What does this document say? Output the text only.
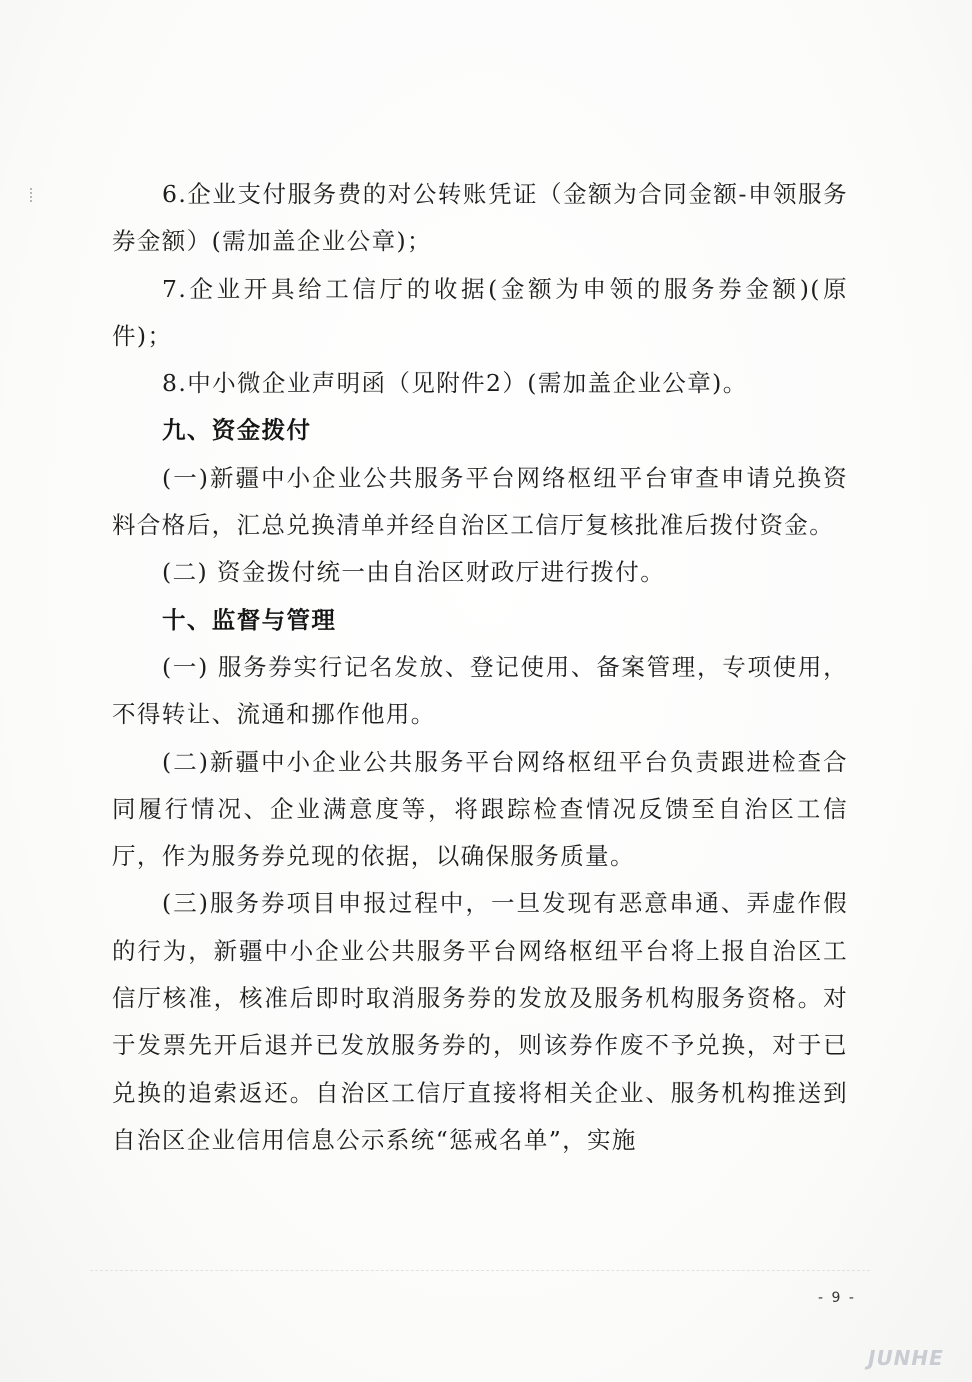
6.企业支付服务费的对公转账凭证（金额为合同金额-申领服务券金额）(需加盖企业公章)；

7.企业开具给工信厅的收据(金额为申领的服务券金额)(原件)；

8.中小微企业声明函（见附件2）(需加盖企业公章)。

九、资金拨付

(一)新疆中小企业公共服务平台网络枢纽平台审查申请兑换资料合格后，汇总兑换清单并经自治区工信厅复核批准后拨付资金。

(二) 资金拨付统一由自治区财政厅进行拨付。

十、监督与管理

(一) 服务券实行记名发放、登记使用、备案管理，专项使用，不得转让、流通和挪作他用。

(二)新疆中小企业公共服务平台网络枢纽平台负责跟进检查合同履行情况、企业满意度等，将跟踪检查情况反馈至自治区工信厅，作为服务券兑现的依据，以确保服务质量。

(三)服务券项目申报过程中，一旦发现有恶意串通、弄虚作假的行为，新疆中小企业公共服务平台网络枢纽平台将上报自治区工信厅核准，核准后即时取消服务券的发放及服务机构服务资格。对于发票先开后退并已发放服务券的，则该券作废不予兑换，对于已兑换的追索返还。自治区工信厅直接将相关企业、服务机构推送到自治区企业信用信息公示系统“惩戒名单”，实施

- 9 -
JUNHE
